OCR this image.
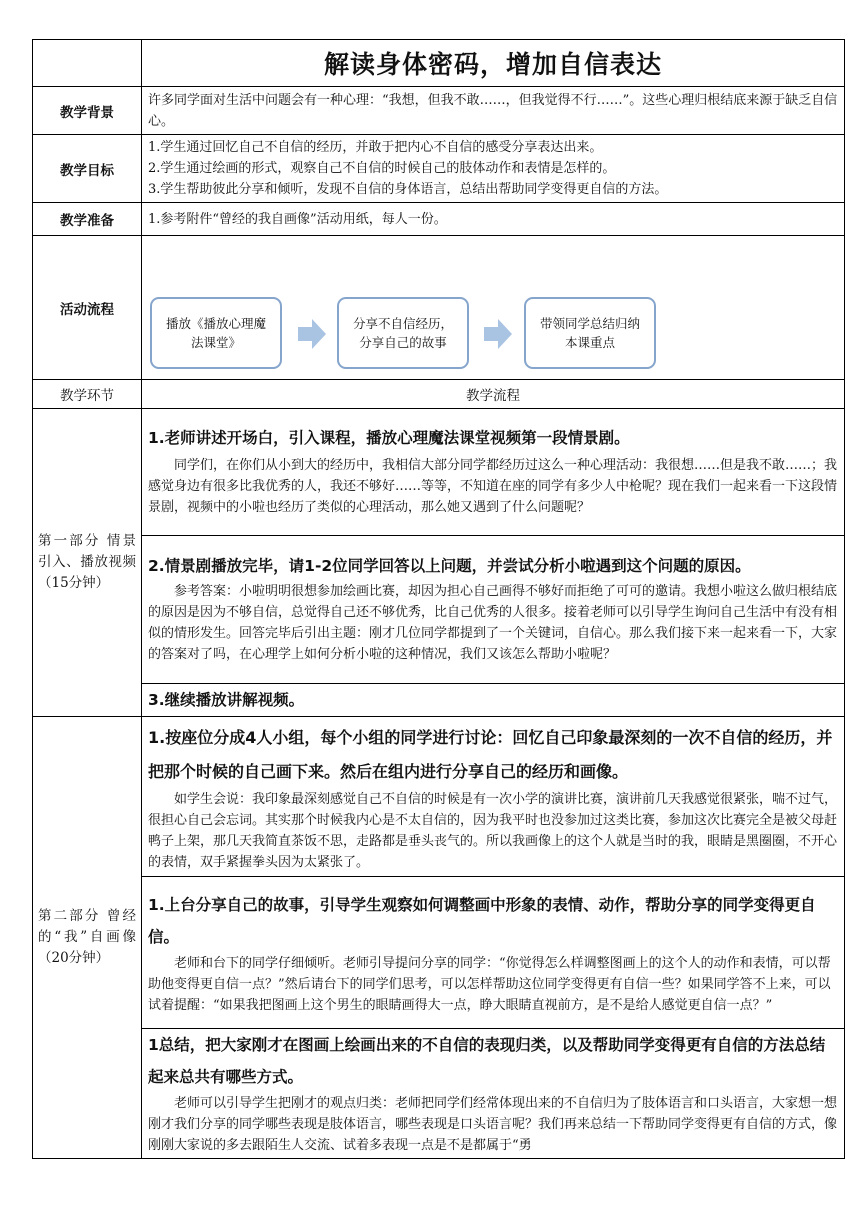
	解读身体密码，增加自信表达
教学背景	许多同学面对生活中问题会有一种心理：“我想，但我不敢……，但我觉得不行……”。这些心理归根结底来源于缺乏自信心。

教学目标	1.学生通过回忆自己不自信的经历，并敢于把内心不自信的感受分享表达出来。

2.学生通过绘画的形式，观察自己不自信的时候自己的肢体动作和表情是怎样的。

3.学生帮助彼此分享和倾听，发现不自信的身体语言，总结出帮助同学变得更自信的方法。

教学准备	1.参考附件“曾经的我自画像”活动用纸，每人一份。

活动流程	播放《播放心理魔法课堂》
分享不自信经历，分享自己的故事
带领同学总结归纳本课重点

教学环节	教学流程
第一部分 情景引入、播放视频（15分钟）	1.老师讲述开场白，引入课程，播放心理魔法课堂视频第一段情景剧。

同学们，在你们从小到大的经历中，我相信大部分同学都经历过这么一种心理活动：我很想……但是我不敢……；我感觉身边有很多比我优秀的人，我还不够好……等等，不知道在座的同学有多少人中枪呢？现在我们一起来看一下这段情景剧，视频中的小啦也经历了类似的心理活动，那么她又遇到了什么问题呢？

	2.情景剧播放完毕，请1-2位同学回答以上问题，并尝试分析小啦遇到这个问题的原因。

参考答案：小啦明明很想参加绘画比赛，却因为担心自己画得不够好而拒绝了可可的邀请。我想小啦这么做归根结底的原因是因为不够自信，总觉得自己还不够优秀，比自己优秀的人很多。接着老师可以引导学生询问自己生活中有没有相似的情形发生。回答完毕后引出主题：刚才几位同学都提到了一个关键词，自信心。那么我们接下来一起来看一下，大家的答案对了吗，在心理学上如何分析小啦的这种情况，我们又该怎么帮助小啦呢？

	3.继续播放讲解视频。

第二部分 曾经的“我”自画像（20分钟）	1.按座位分成4人小组，每个小组的同学进行讨论：回忆自己印象最深刻的一次不自信的经历，并把那个时候的自己画下来。然后在组内进行分享自己的经历和画像。

如学生会说：我印象最深刻感觉自己不自信的时候是有一次小学的演讲比赛，演讲前几天我感觉很紧张，喘不过气，很担心自己会忘词。其实那个时候我内心是不太自信的，因为我平时也没参加过这类比赛，参加这次比赛完全是被父母赶鸭子上架，那几天我简直茶饭不思，走路都是垂头丧气的。所以我画像上的这个人就是当时的我，眼睛是黑圈圈，不开心的表情，双手紧握拳头因为太紧张了。

	1.上台分享自己的故事，引导学生观察如何调整画中形象的表情、动作，帮助分享的同学变得更自信。

老师和台下的同学仔细倾听。老师引导提问分享的同学：“你觉得怎么样调整图画上的这个人的动作和表情，可以帮助他变得更自信一点？”然后请台下的同学们思考，可以怎样帮助这位同学变得更有自信一些？如果同学答不上来，可以试着提醒：“如果我把图画上这个男生的眼睛画得大一点，睁大眼睛直视前方，是不是给人感觉更自信一点？”

	1总结，把大家刚才在图画上绘画出来的不自信的表现归类，以及帮助同学变得更有自信的方法总结起来总共有哪些方式。

老师可以引导学生把刚才的观点归类：老师把同学们经常体现出来的不自信归为了肢体语言和口头语言，大家想一想刚才我们分享的同学哪些表现是肢体语言，哪些表现是口头语言呢？我们再来总结一下帮助同学变得更有自信的方式，像刚刚大家说的多去跟陌生人交流、试着多表现一点是不是都属于“勇
